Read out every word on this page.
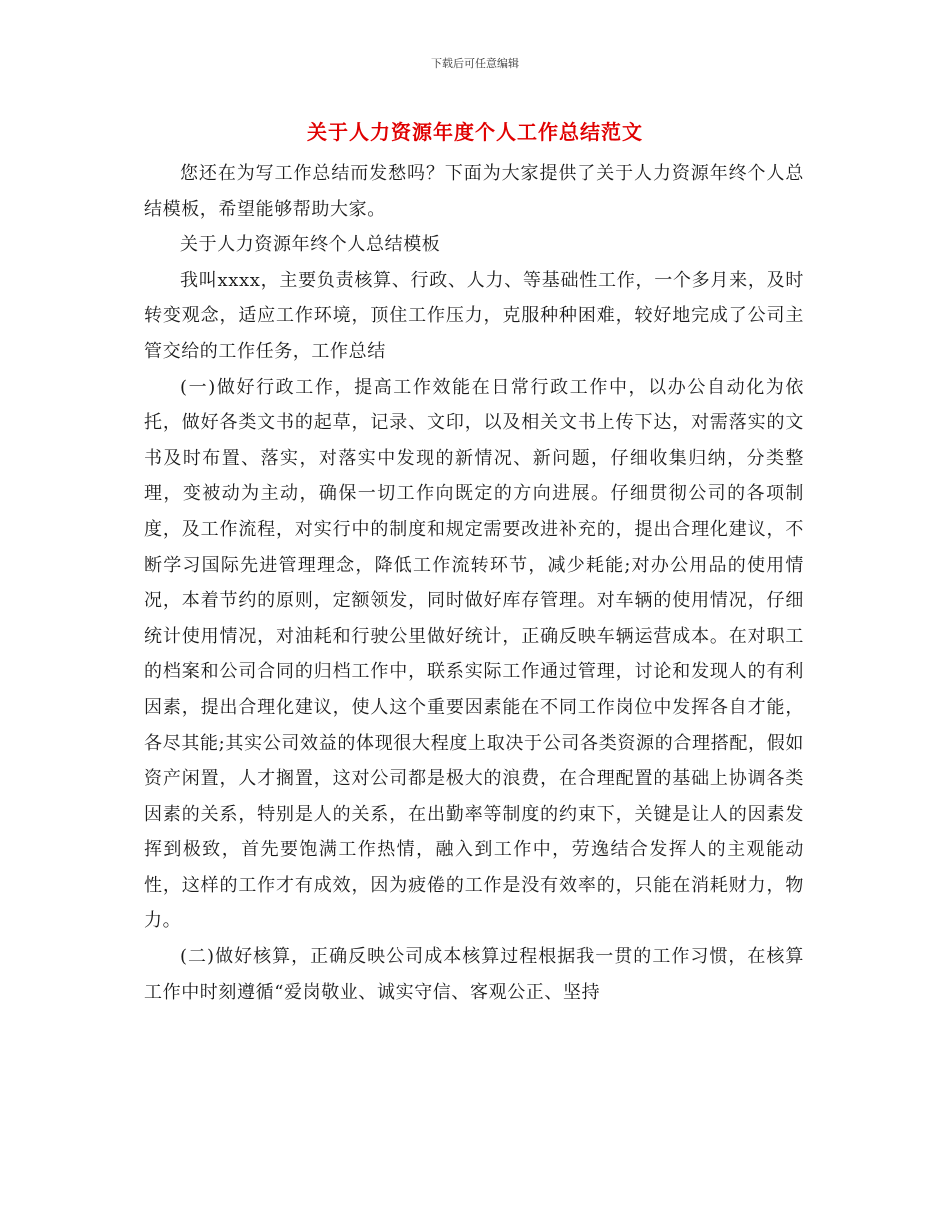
下载后可任意编辑
关于人力资源年度个人工作总结范文

您还在为写工作总结而发愁吗？下面为大家提供了关于人力资源年终个人总结模板，希望能够帮助大家。

关于人力资源年终个人总结模板

我叫xxxx，主要负责核算、行政、人力、等基础性工作，一个多月来，及时转变观念，适应工作环境，顶住工作压力，克服种种困难，较好地完成了公司主管交给的工作任务，工作总结

(一)做好行政工作，提高工作效能在日常行政工作中，以办公自动化为依托，做好各类文书的起草，记录、文印，以及相关文书上传下达，对需落实的文书及时布置、落实，对落实中发现的新情况、新问题，仔细收集归纳，分类整理，变被动为主动，确保一切工作向既定的方向进展。仔细贯彻公司的各项制度，及工作流程，对实行中的制度和规定需要改进补充的，提出合理化建议，不断学习国际先进管理理念，降低工作流转环节，减少耗能;对办公用品的使用情况，本着节约的原则，定额领发，同时做好库存管理。对车辆的使用情况，仔细统计使用情况，对油耗和行驶公里做好统计，正确反映车辆运营成本。在对职工的档案和公司合同的归档工作中，联系实际工作通过管理，讨论和发现人的有利因素，提出合理化建议，使人这个重要因素能在不同工作岗位中发挥各自才能，各尽其能;其实公司效益的体现很大程度上取决于公司各类资源的合理搭配，假如资产闲置，人才搁置，这对公司都是极大的浪费，在合理配置的基础上协调各类因素的关系，特别是人的关系，在出勤率等制度的约束下，关键是让人的因素发挥到极致，首先要饱满工作热情，融入到工作中，劳逸结合发挥人的主观能动性，这样的工作才有成效，因为疲倦的工作是没有效率的，只能在消耗财力，物力。

(二)做好核算，正确反映公司成本核算过程根据我一贯的工作习惯，在核算工作中时刻遵循“爱岗敬业、诚实守信、客观公正、坚持
